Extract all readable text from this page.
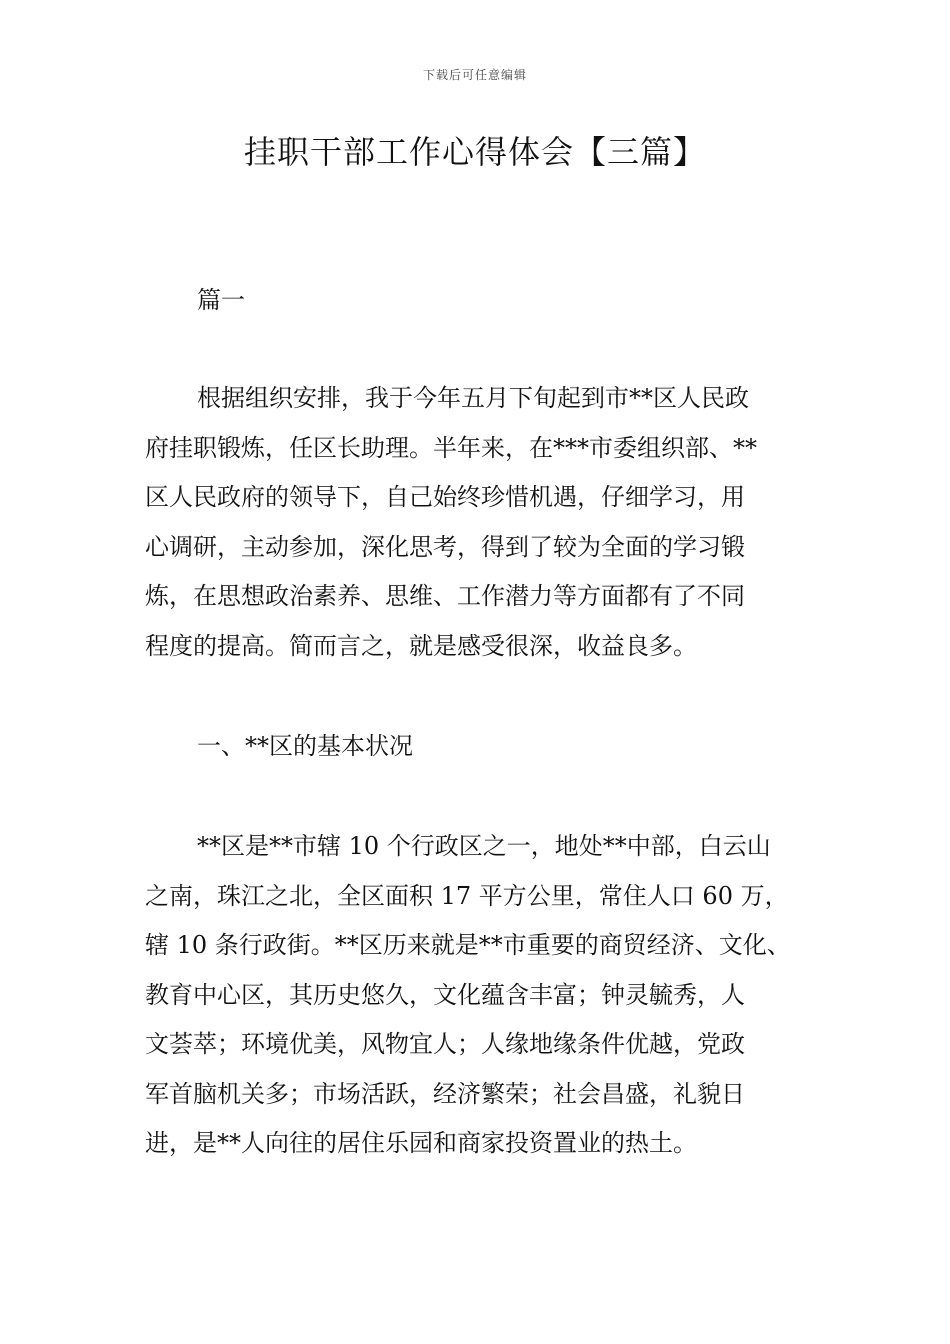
下载后可任意编辑
挂职干部工作心得体会【三篇】
篇一

根据组织安排，我于今年五月下旬起到市**区人民政

府挂职锻炼，任区长助理。半年来，在***市委组织部、**

区人民政府的领导下，自己始终珍惜机遇，仔细学习，用

心调研，主动参加，深化思考，得到了较为全面的学习锻

炼，在思想政治素养、思维、工作潜力等方面都有了不同

程度的提高。简而言之，就是感受很深，收益良多。

一、**区的基本状况

**区是**市辖 10 个行政区之一，地处**中部，白云山

之南，珠江之北，全区面积 17 平方公里，常住人口 60 万，

辖 10 条行政街。**区历来就是**市重要的商贸经济、文化、

教育中心区，其历史悠久，文化蕴含丰富；钟灵毓秀，人

文荟萃；环境优美，风物宜人；人缘地缘条件优越，党政

军首脑机关多；市场活跃，经济繁荣；社会昌盛，礼貌日

进，是**人向往的居住乐园和商家投资置业的热土。
